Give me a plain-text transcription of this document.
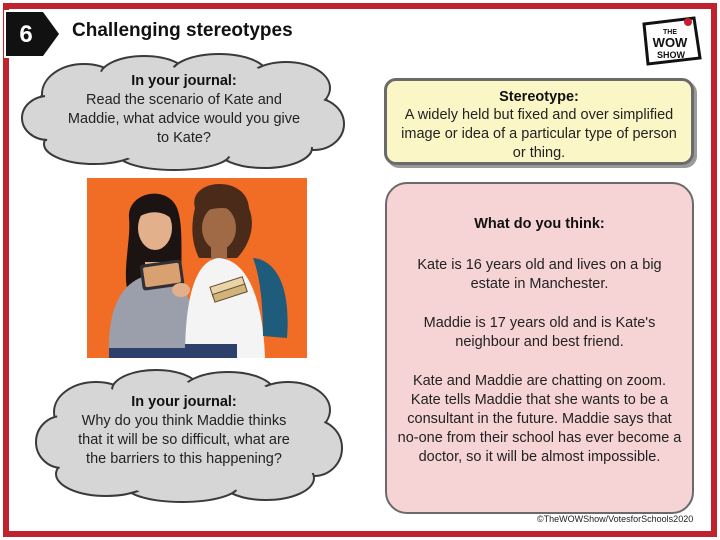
6	Challenging stereotypes	THE
WOW
SHOW
In your journal:
Read the scenario of Kate and Maddie, what advice would you give to Kate?
Stereotype:
A widely held but fixed and over simplified image or idea of a particular type of person or thing.
What do you think:
Kate is 16 years old and lives on a big estate in Manchester.
Maddie is 17 years old and is Kate's neighbour and best friend.
Kate and Maddie are chatting on zoom. Kate tells Maddie that she wants to be a consultant in the future. Maddie says that no-one from their school has ever become a doctor, so it will be almost impossible.
In your journal:
Why do you think Maddie thinks that it will be so difficult, what are the barriers to this happening?
©TheWOWShow/VotesforSchools2020
